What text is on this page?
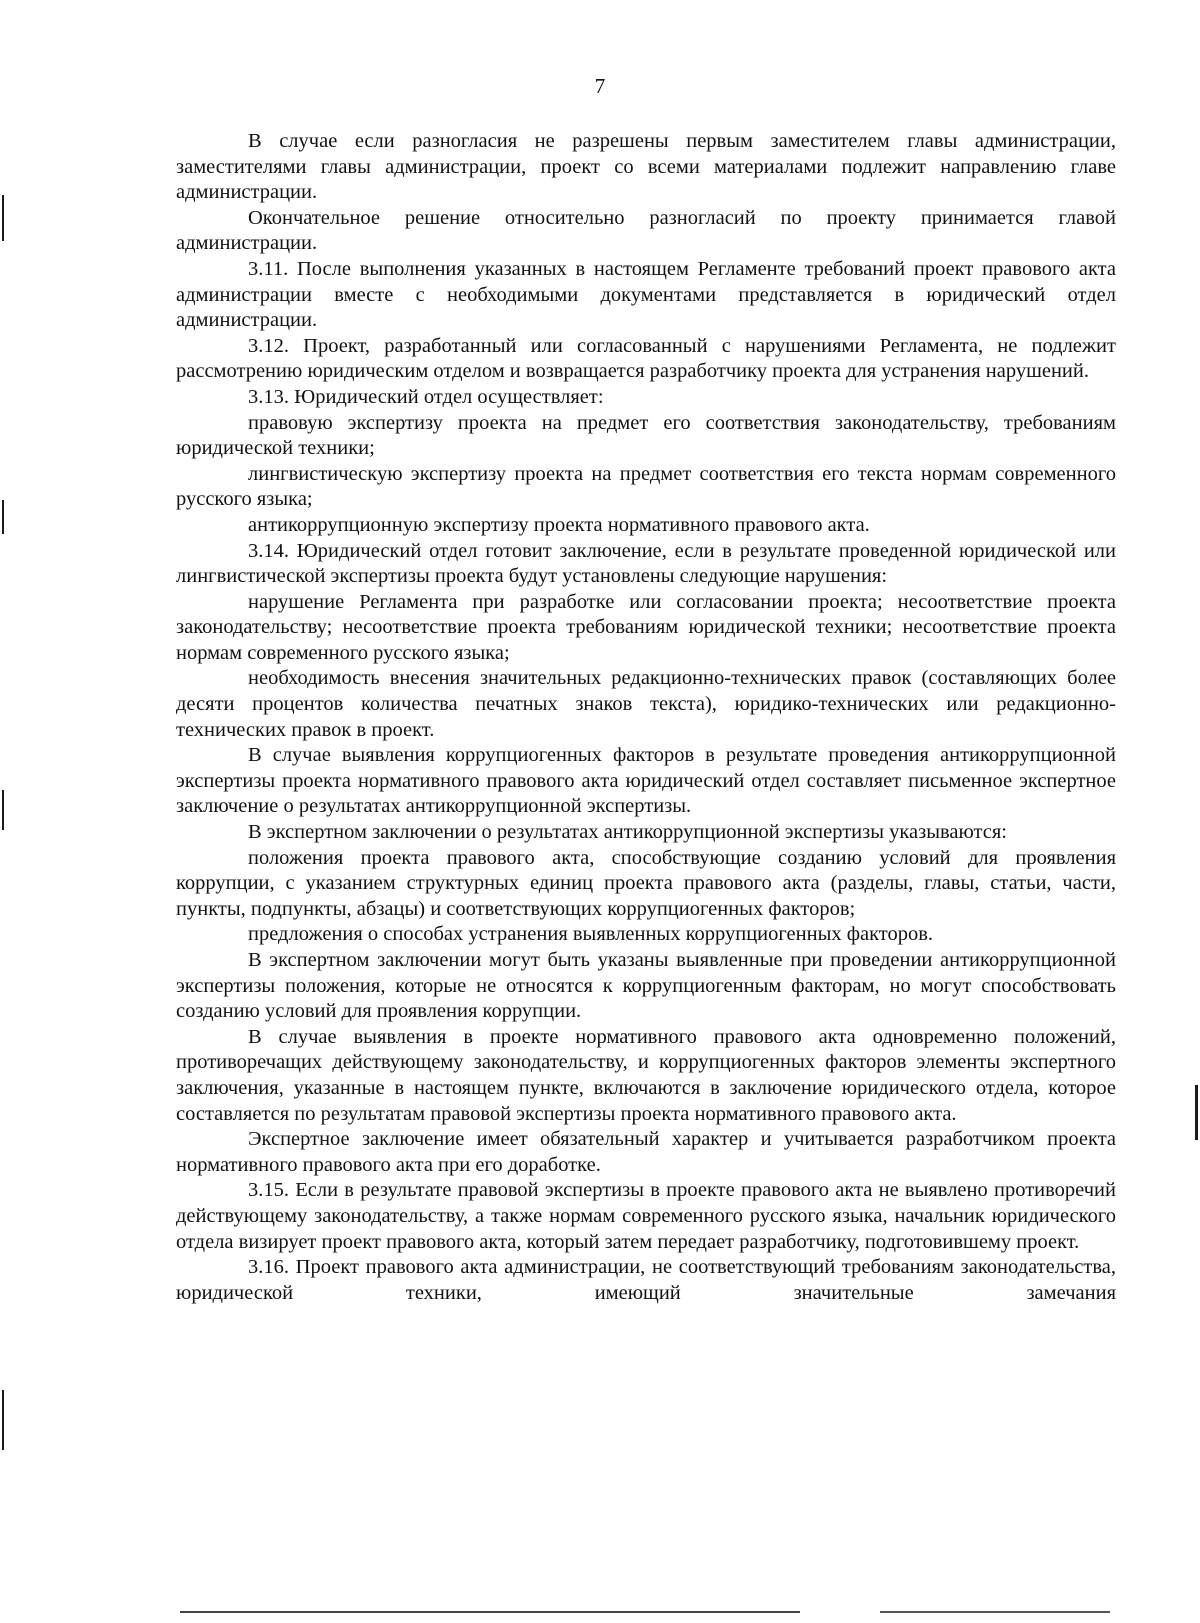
7

В случае если разногласия не разрешены первым заместителем главы администрации, заместителями главы администрации, проект со всеми материалами подлежит направлению главе администрации.

Окончательное решение относительно разногласий по проекту принимается главой администрации.

3.11. После выполнения указанных в настоящем Регламенте требований проект правового акта администрации вместе с необходимыми документами представляется в юридический отдел администрации.

3.12. Проект, разработанный или согласованный с нарушениями Регламента, не подлежит рассмотрению юридическим отделом и возвращается разработчику проекта для устранения нарушений.

3.13. Юридический отдел осуществляет:

правовую экспертизу проекта на предмет его соответствия законодательству, требованиям юридической техники;

лингвистическую экспертизу проекта на предмет соответствия его текста нормам современного русского языка;

антикоррупционную экспертизу проекта нормативного правового акта.

3.14. Юридический отдел готовит заключение, если в результате проведенной юридической или лингвистической экспертизы проекта будут установлены следующие нарушения:

нарушение Регламента при разработке или согласовании проекта; несоответствие проекта законодательству; несоответствие проекта требованиям юридической техники; несоответствие проекта нормам современного русского языка;

необходимость внесения значительных редакционно-технических правок (составляющих более десяти процентов количества печатных знаков текста), юридико-технических или редакционно-технических правок в проект.

В случае выявления коррупциогенных факторов в результате проведения антикоррупционной экспертизы проекта нормативного правового акта юридический отдел составляет письменное экспертное заключение о результатах антикоррупционной экспертизы.

В экспертном заключении о результатах антикоррупционной экспертизы указываются:

положения проекта правового акта, способствующие созданию условий для проявления коррупции, с указанием структурных единиц проекта правового акта (разделы, главы, статьи, части, пункты, подпункты, абзацы) и соответствующих коррупциогенных факторов;

предложения о способах устранения выявленных коррупциогенных факторов.

В экспертном заключении могут быть указаны выявленные при проведении антикоррупционной экспертизы положения, которые не относятся к коррупциогенным факторам, но могут способствовать созданию условий для проявления коррупции.

В случае выявления в проекте нормативного правового акта одновременно положений, противоречащих действующему законодательству, и коррупциогенных факторов элементы экспертного заключения, указанные в настоящем пункте, включаются в заключение юридического отдела, которое составляется по результатам правовой экспертизы проекта нормативного правового акта.

Экспертное заключение имеет обязательный характер и учитывается разработчиком проекта нормативного правового акта при его доработке.

3.15. Если в результате правовой экспертизы в проекте правового акта не выявлено противоречий действующему законодательству, а также нормам современного русского языка, начальник юридического отдела визирует проект правового акта, который затем передает разработчику, подготовившему проект.

3.16. Проект правового акта администрации, не соответствующий требованиям законодательства, юридической техники, имеющий значительные замечания
